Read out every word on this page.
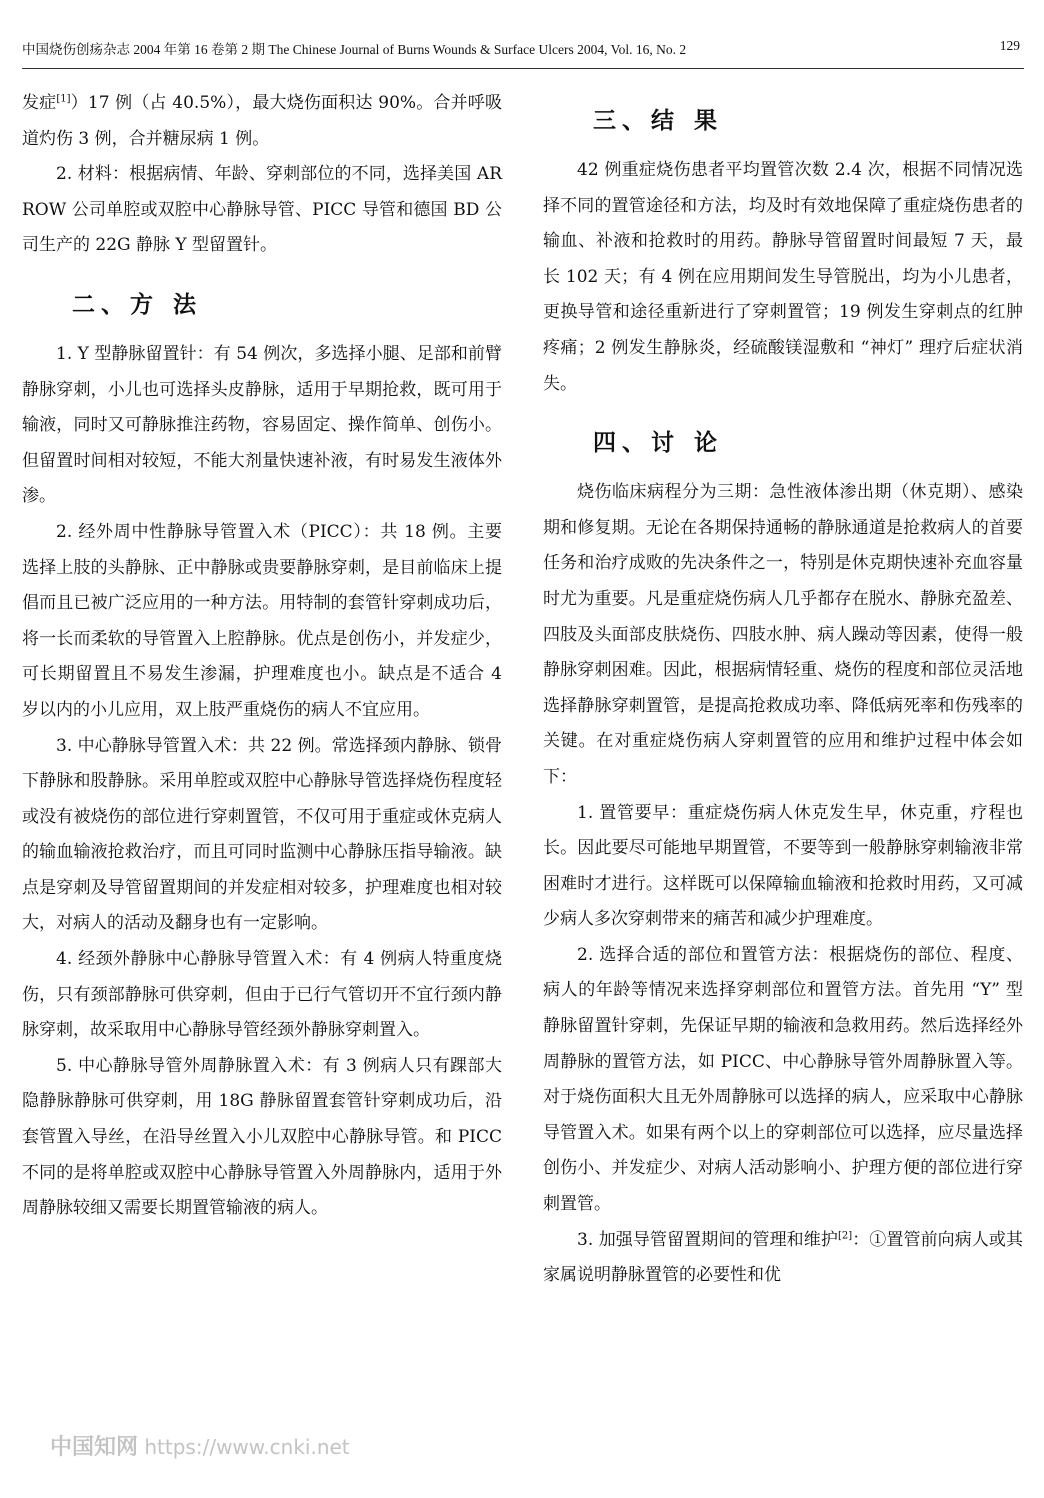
中国烧伤创疡杂志 2004 年第 16 卷第 2 期 The Chinese Journal of Burns Wounds & Surface Ulcers 2004, Vol. 16, No. 2	129

发症[1]）17 例（占 40.5%），最大烧伤面积达 90%。合并呼吸道灼伤 3 例，合并糖尿病 1 例。

2. 材料：根据病情、年龄、穿刺部位的不同，选择美国 ARROW 公司单腔或双腔中心静脉导管、PICC 导管和德国 BD 公司生产的 22G 静脉 Y 型留置针。

二、方 法

1. Y 型静脉留置针：有 54 例次，多选择小腿、足部和前臂静脉穿刺，小儿也可选择头皮静脉，适用于早期抢救，既可用于输液，同时又可静脉推注药物，容易固定、操作简单、创伤小。但留置时间相对较短，不能大剂量快速补液，有时易发生液体外渗。

2. 经外周中性静脉导管置入术（PICC）：共 18 例。主要选择上肢的头静脉、正中静脉或贵要静脉穿刺，是目前临床上提倡而且已被广泛应用的一种方法。用特制的套管针穿刺成功后，将一长而柔软的导管置入上腔静脉。优点是创伤小，并发症少，可长期留置且不易发生渗漏，护理难度也小。缺点是不适合 4 岁以内的小儿应用，双上肢严重烧伤的病人不宜应用。

3. 中心静脉导管置入术：共 22 例。常选择颈内静脉、锁骨下静脉和股静脉。采用单腔或双腔中心静脉导管选择烧伤程度轻或没有被烧伤的部位进行穿刺置管，不仅可用于重症或休克病人的输血输液抢救治疗，而且可同时监测中心静脉压指导输液。缺点是穿刺及导管留置期间的并发症相对较多，护理难度也相对较大，对病人的活动及翻身也有一定影响。

4. 经颈外静脉中心静脉导管置入术：有 4 例病人特重度烧伤，只有颈部静脉可供穿刺，但由于已行气管切开不宜行颈内静脉穿刺，故采取用中心静脉导管经颈外静脉穿刺置入。

5. 中心静脉导管外周静脉置入术：有 3 例病人只有踝部大隐静脉静脉可供穿刺，用 18G 静脉留置套管针穿刺成功后，沿套管置入导丝，在沿导丝置入小儿双腔中心静脉导管。和 PICC 不同的是将单腔或双腔中心静脉导管置入外周静脉内，适用于外周静脉较细又需要长期置管输液的病人。

三、结 果

42 例重症烧伤患者平均置管次数 2.4 次，根据不同情况选择不同的置管途径和方法，均及时有效地保障了重症烧伤患者的输血、补液和抢救时的用药。静脉导管留置时间最短 7 天，最长 102 天；有 4 例在应用期间发生导管脱出，均为小儿患者，更换导管和途径重新进行了穿刺置管；19 例发生穿刺点的红肿疼痛；2 例发生静脉炎，经硫酸镁湿敷和 “神灯” 理疗后症状消失。

四、讨 论

烧伤临床病程分为三期：急性液体渗出期（休克期）、感染期和修复期。无论在各期保持通畅的静脉通道是抢救病人的首要任务和治疗成败的先决条件之一，特别是休克期快速补充血容量时尤为重要。凡是重症烧伤病人几乎都存在脱水、静脉充盈差、四肢及头面部皮肤烧伤、四肢水肿、病人躁动等因素，使得一般静脉穿刺困难。因此，根据病情轻重、烧伤的程度和部位灵活地选择静脉穿刺置管，是提高抢救成功率、降低病死率和伤残率的关键。在对重症烧伤病人穿刺置管的应用和维护过程中体会如下：

1. 置管要早：重症烧伤病人休克发生早，休克重，疗程也长。因此要尽可能地早期置管，不要等到一般静脉穿刺输液非常困难时才进行。这样既可以保障输血输液和抢救时用药，又可减少病人多次穿刺带来的痛苦和减少护理难度。

2. 选择合适的部位和置管方法：根据烧伤的部位、程度、病人的年龄等情况来选择穿刺部位和置管方法。首先用 “Y” 型静脉留置针穿刺，先保证早期的输液和急救用药。然后选择经外周静脉的置管方法，如 PICC、中心静脉导管外周静脉置入等。对于烧伤面积大且无外周静脉可以选择的病人，应采取中心静脉导管置入术。如果有两个以上的穿刺部位可以选择，应尽量选择创伤小、并发症少、对病人活动影响小、护理方便的部位进行穿刺置管。

3. 加强导管留置期间的管理和维护[2]：①置管前向病人或其家属说明静脉置管的必要性和优

中国知网 https://www.cnki.net
